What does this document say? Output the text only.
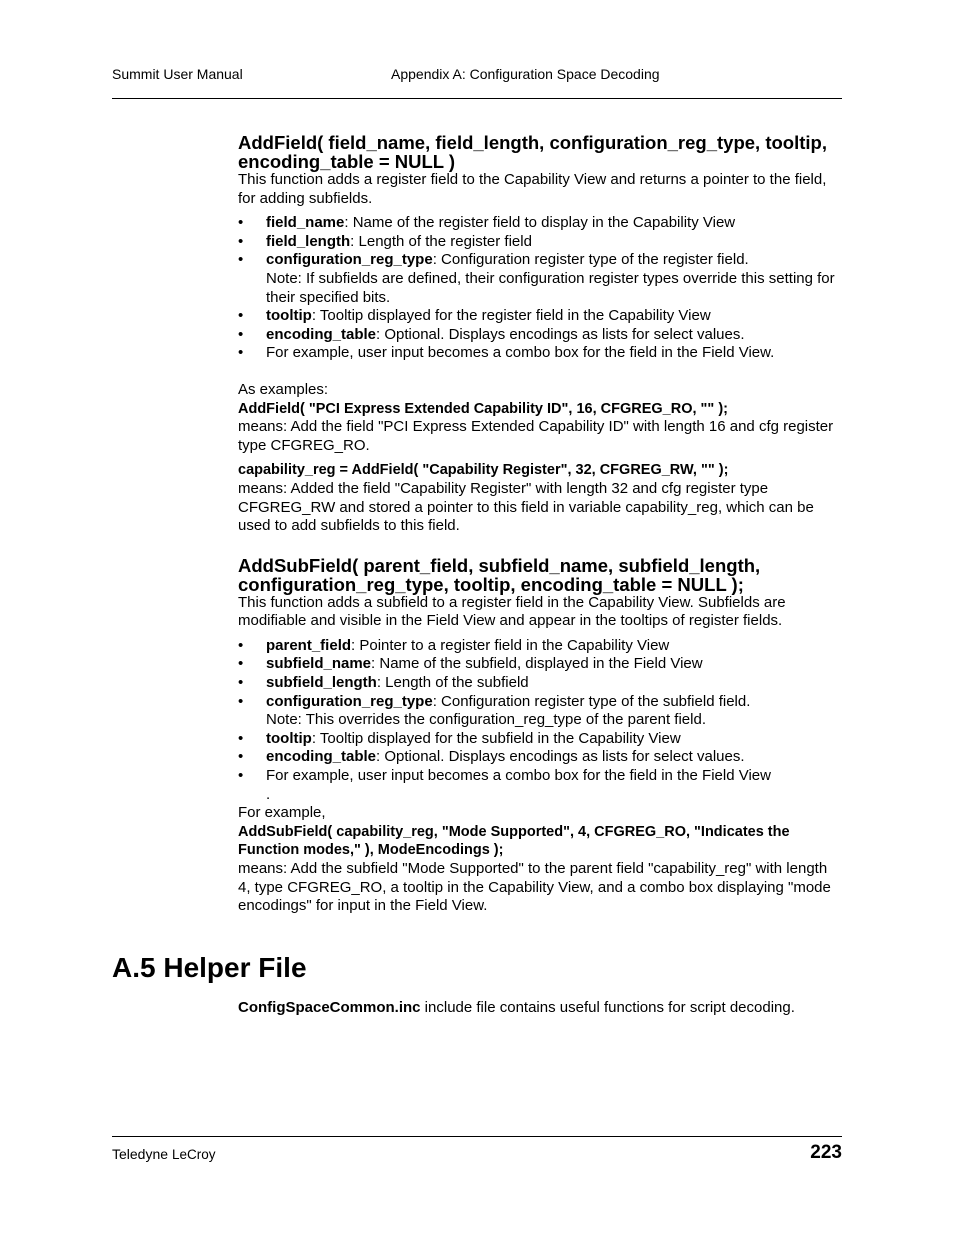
Summit User Manual	Appendix A: Configuration Space Decoding
AddField( field_name, field_length, configuration_reg_type, tooltip,
encoding_table = NULL )

This function adds a register field to the Capability View and returns a pointer to the field, for adding subfields.

• field_name: Name of the register field to display in the Capability View
• field_length: Length of the register field
• configuration_reg_type: Configuration register type of the register field.
Note: If subfields are defined, their configuration register types override this setting for their specified bits.
• tooltip: Tooltip displayed for the register field in the Capability View
• encoding_table: Optional. Displays encodings as lists for select values.
• For example, user input becomes a combo box for the field in the Field View.

As examples:

AddField( "PCI Express Extended Capability ID", 16, CFGREG_RO, "" );

means: Add the field "PCI Express Extended Capability ID" with length 16 and cfg register type CFGREG_RO.

capability_reg = AddField( "Capability Register", 32, CFGREG_RW, "" );

means: Added the field "Capability Register" with length 32 and cfg register type CFGREG_RW and stored a pointer to this field in variable capability_reg, which can be used to add subfields to this field.

AddSubField( parent_field, subfield_name, subfield_length,
configuration_reg_type, tooltip, encoding_table = NULL );

This function adds a subfield to a register field in the Capability View. Subfields are modifiable and visible in the Field View and appear in the tooltips of register fields.

• parent_field: Pointer to a register field in the Capability View
• subfield_name: Name of the subfield, displayed in the Field View
• subfield_length: Length of the subfield
• configuration_reg_type: Configuration register type of the subfield field.
Note: This overrides the configuration_reg_type of the parent field.
• tooltip: Tooltip displayed for the subfield in the Capability View
• encoding_table: Optional. Displays encodings as lists for select values.
• For example, user input becomes a combo box for the field in the Field View

.

For example,

AddSubField( capability_reg, "Mode Supported", 4, CFGREG_RO, "Indicates the Function modes," ), ModeEncodings );

means: Add the subfield "Mode Supported" to the parent field "capability_reg" with length 4, type CFGREG_RO, a tooltip in the Capability View, and a combo box displaying "mode encodings" for input in the Field View.

A.5 Helper File
ConfigSpaceCommon.inc include file contains useful functions for script decoding.
Teledyne LeCroy	223
